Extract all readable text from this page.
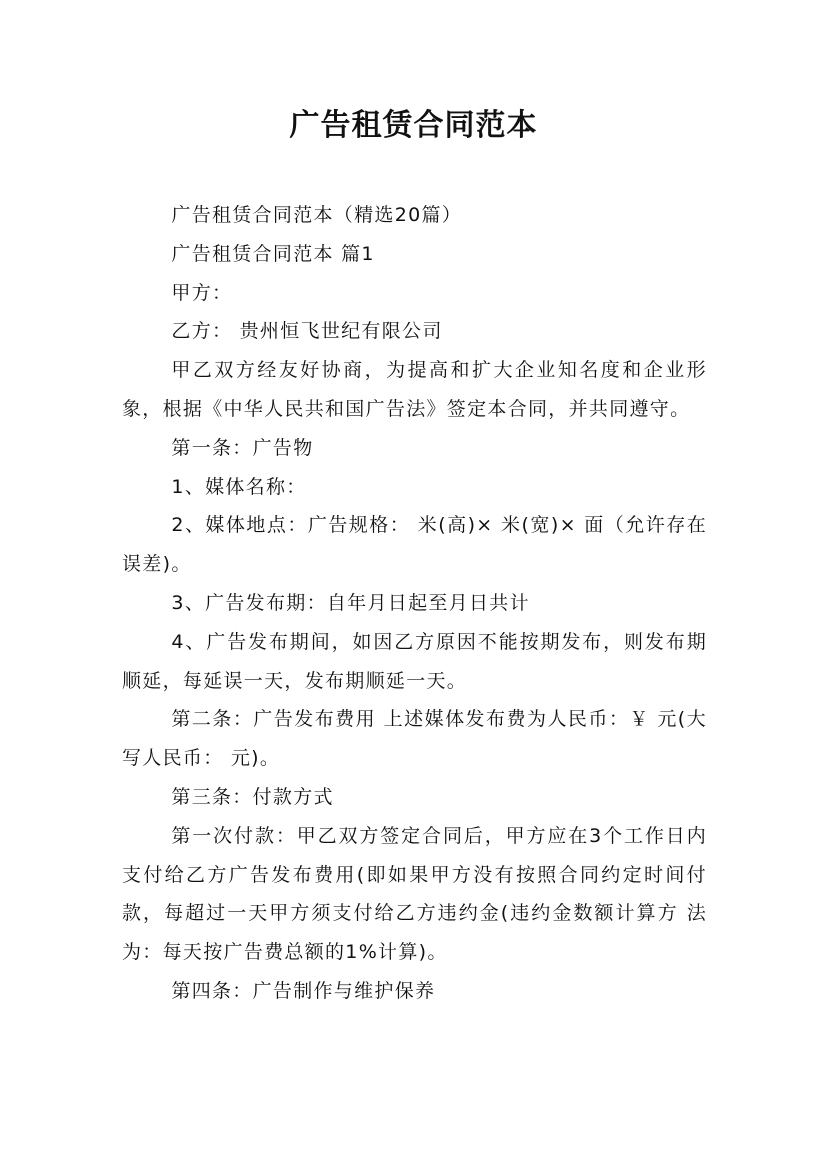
广告租赁合同范本

广告租赁合同范本（精选20篇）

广告租赁合同范本 篇1

甲方：

乙方： 贵州恒飞世纪有限公司

甲乙双方经友好协商，为提高和扩大企业知名度和企业形象，根据《中华人民共和国广告法》签定本合同，并共同遵守。

第一条：广告物

1、媒体名称：

2、媒体地点：广告规格： 米(高)× 米(宽)× 面（允许存在误差)。

3、广告发布期：自年月日起至月日共计

4、广告发布期间，如因乙方原因不能按期发布，则发布期顺延，每延误一天，发布期顺延一天。

第二条：广告发布费用 上述媒体发布费为人民币：￥ 元(大写人民币： 元)。

第三条：付款方式

第一次付款：甲乙双方签定合同后，甲方应在3个工作日内支付给乙方广告发布费用(即如果甲方没有按照合同约定时间付款，每超过一天甲方须支付给乙方违约金(违约金数额计算方 法为：每天按广告费总额的1%计算)。

第四条：广告制作与维护保养
